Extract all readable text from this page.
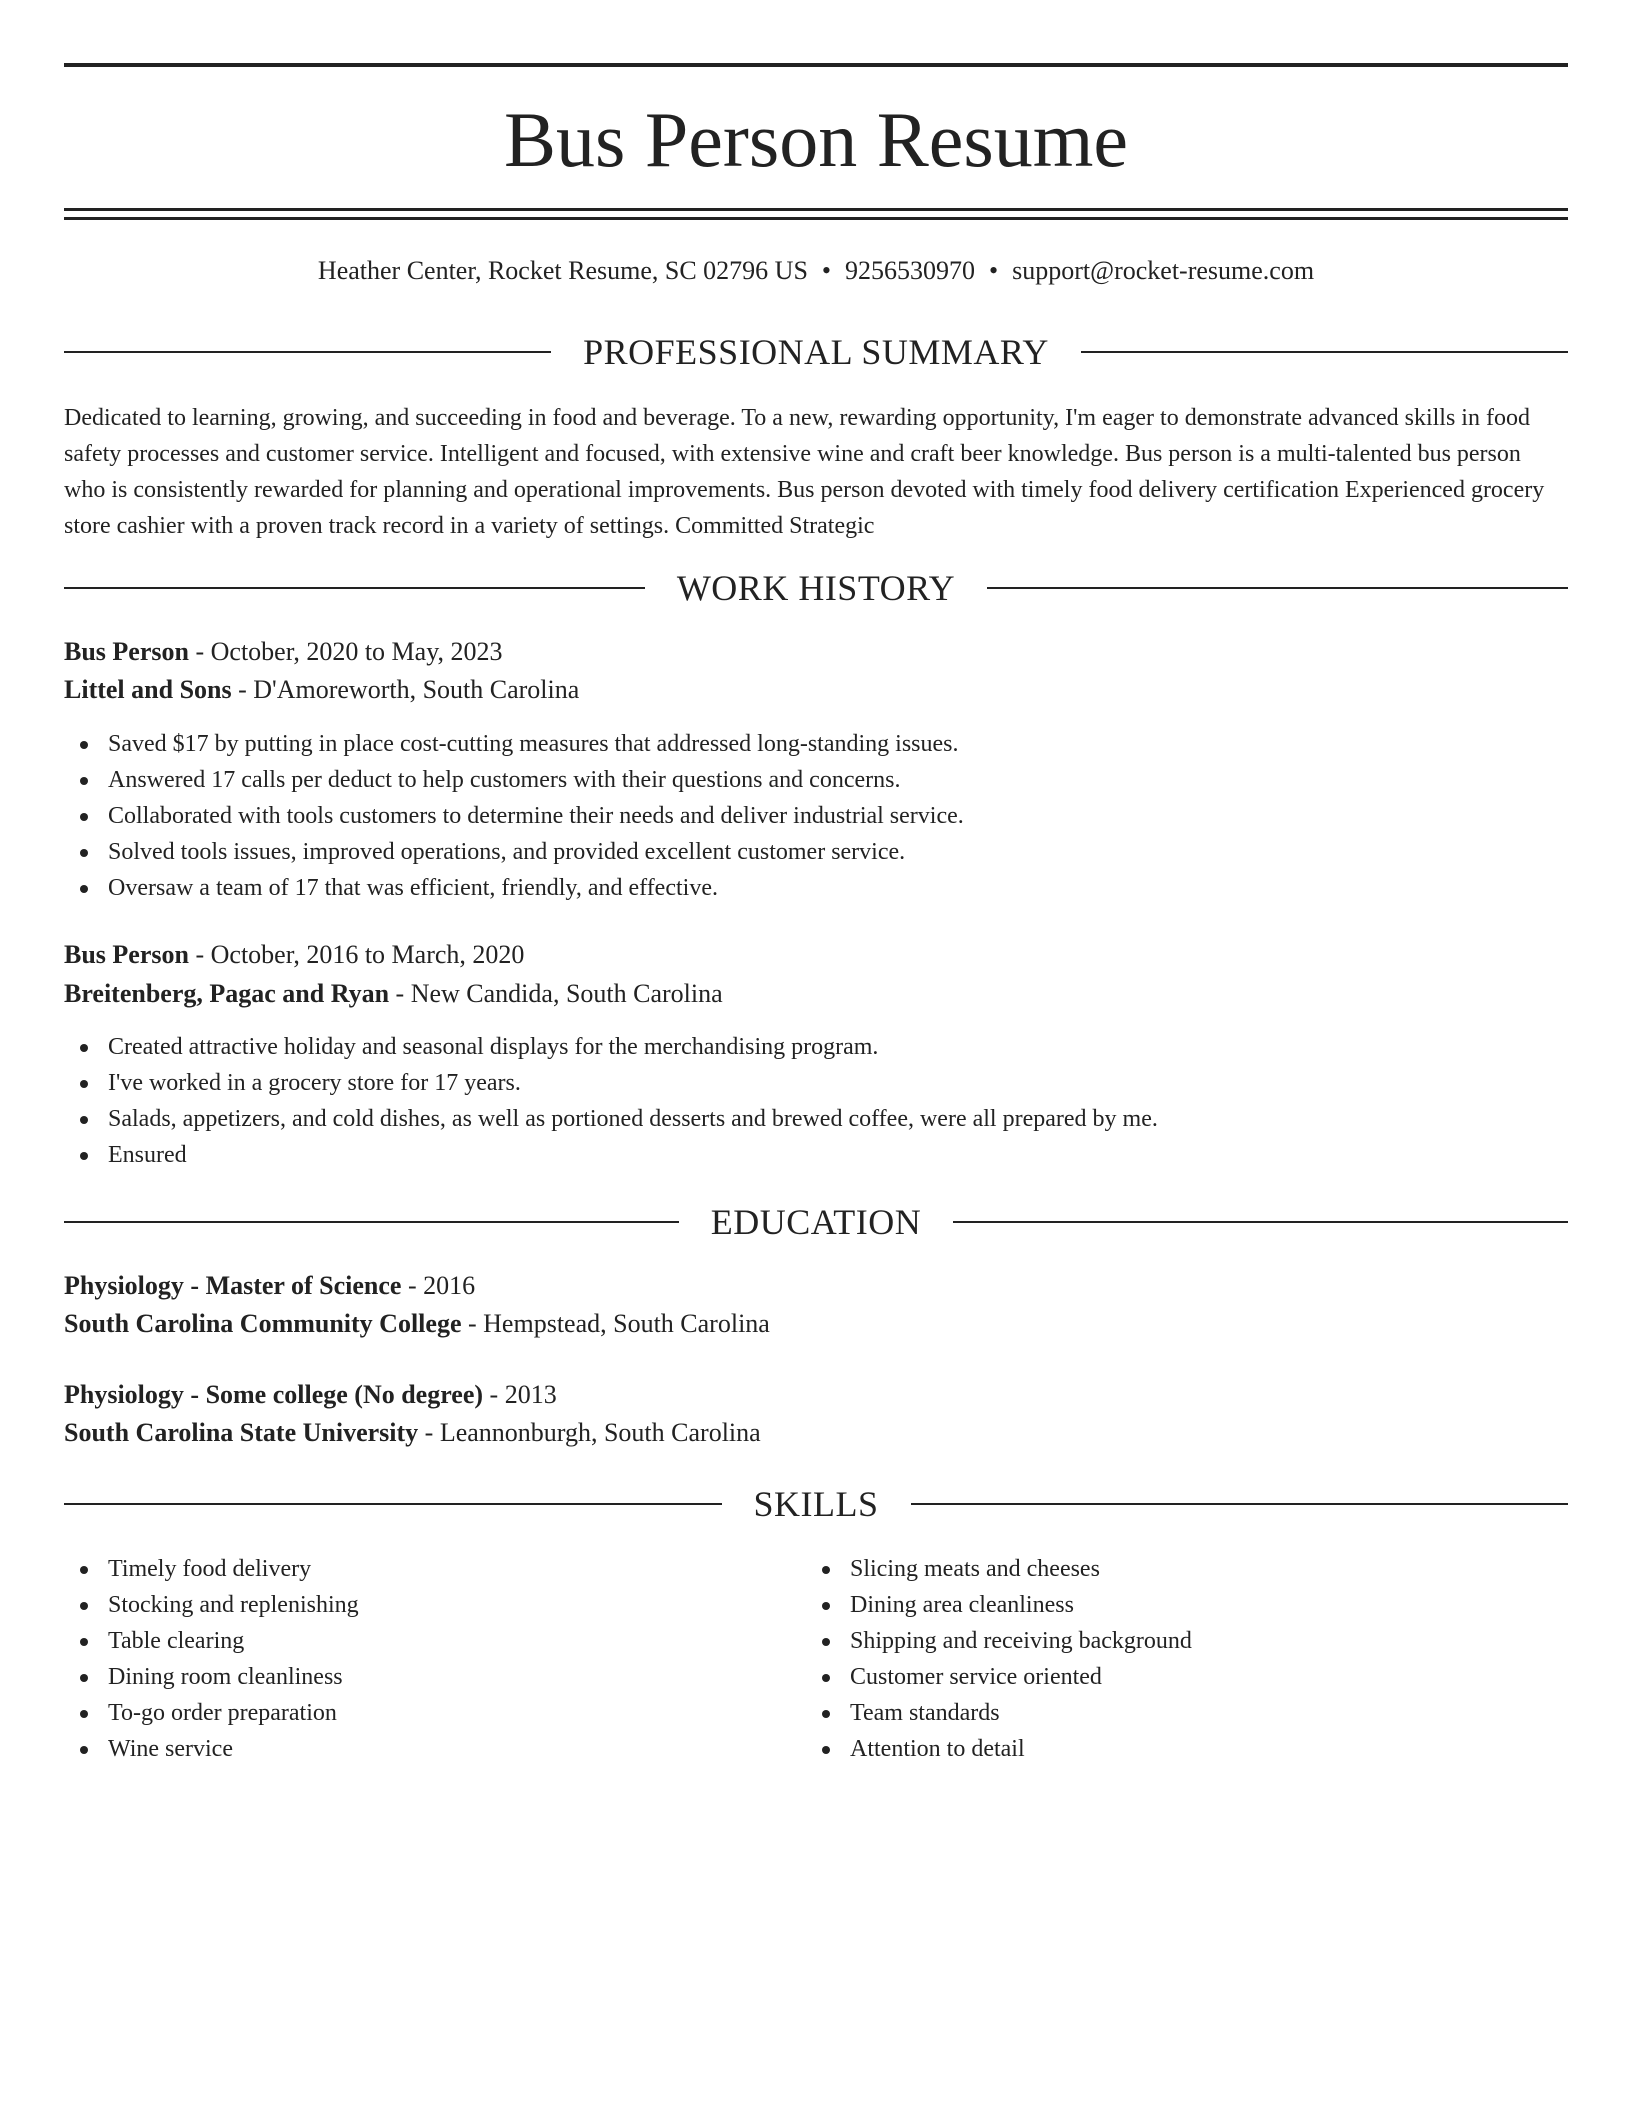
Bus Person Resume
Heather Center, Rocket Resume, SC 02796 US • 9256530970 • support@rocket-resume.com
PROFESSIONAL SUMMARY

Dedicated to learning, growing, and succeeding in food and beverage. To a new, rewarding opportunity, I'm eager to demonstrate advanced skills in food safety processes and customer service. Intelligent and focused, with extensive wine and craft beer knowledge. Bus person is a multi-talented bus person who is consistently rewarded for planning and operational improvements. Bus person devoted with timely food delivery certification Experienced grocery store cashier with a proven track record in a variety of settings. Committed Strategic

WORK HISTORY
Bus Person - October, 2020 to May, 2023
Littel and Sons - D'Amoreworth, South Carolina
Saved $17 by putting in place cost-cutting measures that addressed long-standing issues.
Answered 17 calls per deduct to help customers with their questions and concerns.
Collaborated with tools customers to determine their needs and deliver industrial service.
Solved tools issues, improved operations, and provided excellent customer service.
Oversaw a team of 17 that was efficient, friendly, and effective.
Bus Person - October, 2016 to March, 2020
Breitenberg, Pagac and Ryan - New Candida, South Carolina
Created attractive holiday and seasonal displays for the merchandising program.
I've worked in a grocery store for 17 years.
Salads, appetizers, and cold dishes, as well as portioned desserts and brewed coffee, were all prepared by me.
Ensured
EDUCATION
Physiology - Master of Science - 2016
South Carolina Community College - Hempstead, South Carolina
Physiology - Some college (No degree) - 2013
South Carolina State University - Leannonburgh, South Carolina
SKILLS
Timely food delivery
Stocking and replenishing
Table clearing
Dining room cleanliness
To-go order preparation
Wine service
Slicing meats and cheeses
Dining area cleanliness
Shipping and receiving background
Customer service oriented
Team standards
Attention to detail
